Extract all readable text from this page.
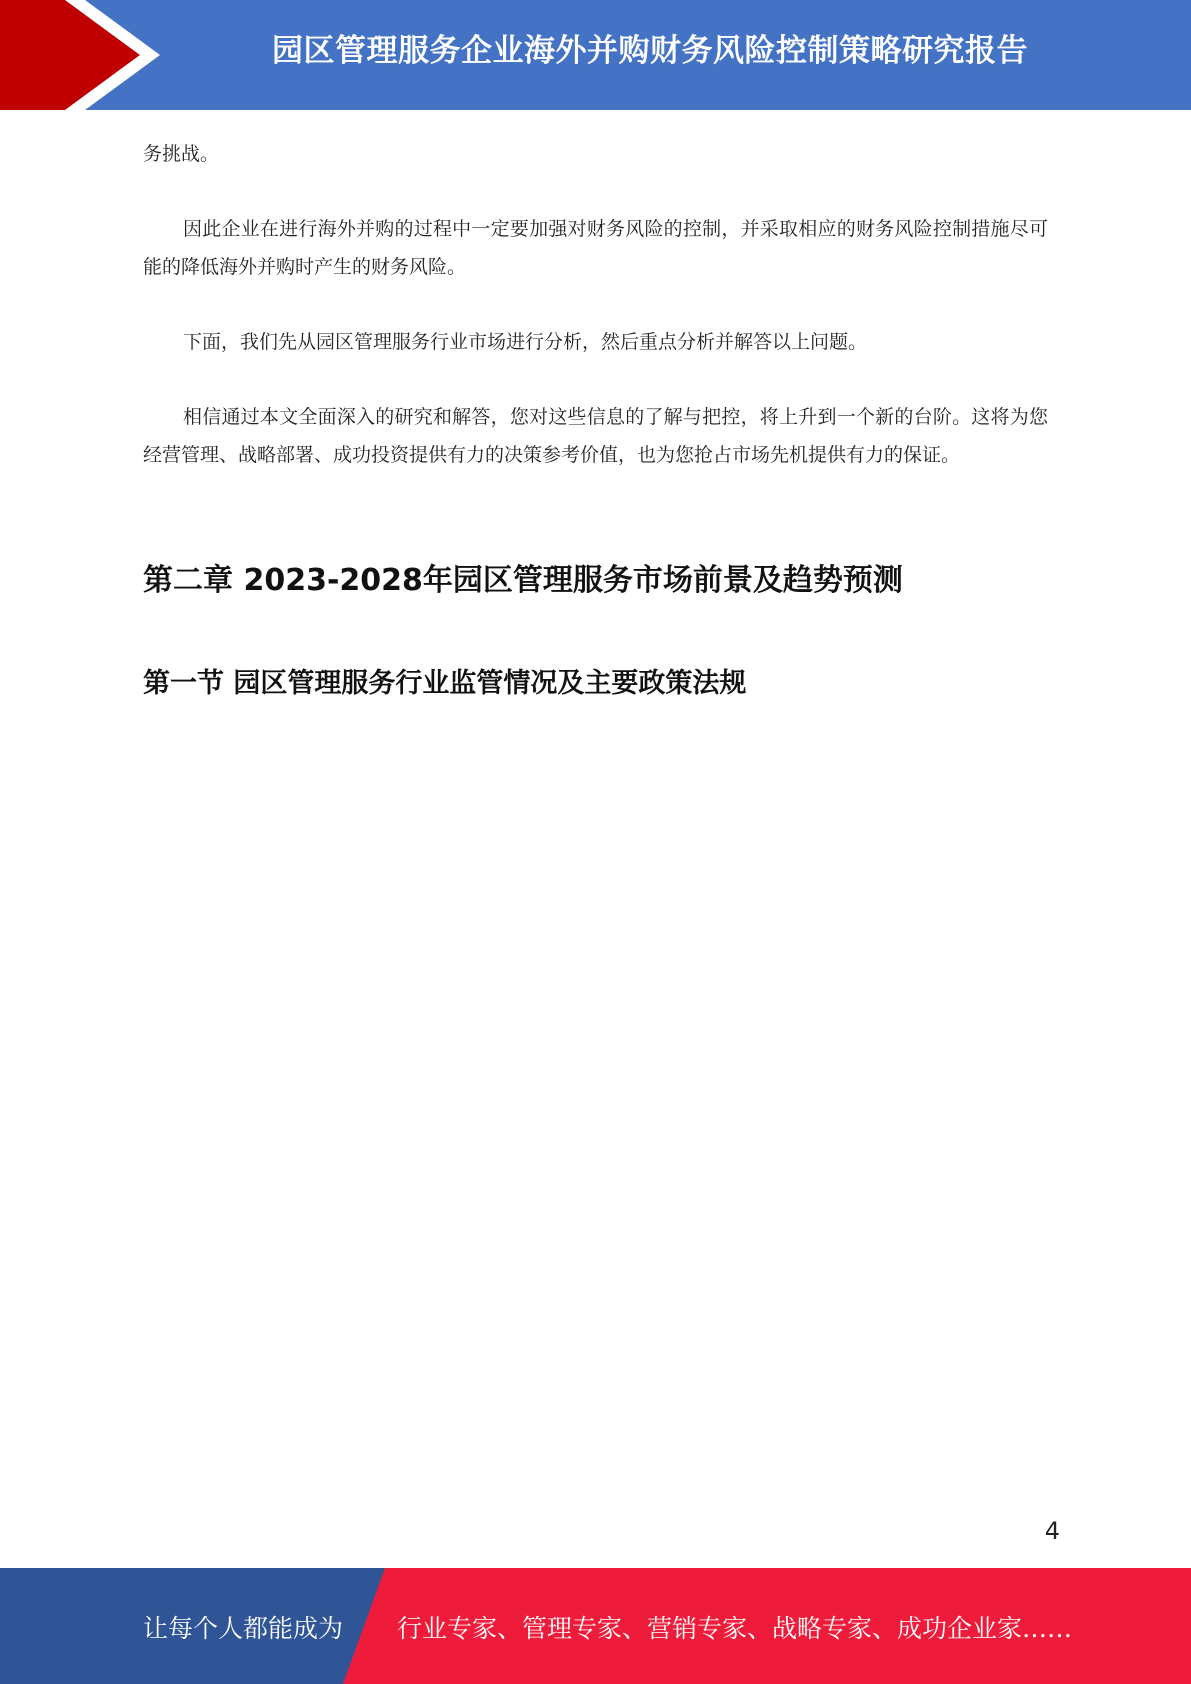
园区管理服务企业海外并购财务风险控制策略研究报告

务挑战。

因此企业在进行海外并购的过程中一定要加强对财务风险的控制，并采取相应的财务风险控制措施尽可能的降低海外并购时产生的财务风险。

下面，我们先从园区管理服务行业市场进行分析，然后重点分析并解答以上问题。

相信通过本文全面深入的研究和解答，您对这些信息的了解与把控，将上升到一个新的台阶。这将为您经营管理、战略部署、成功投资提供有力的决策参考价值，也为您抢占市场先机提供有力的保证。

第二章 2023-2028年园区管理服务市场前景及趋势预测
第一节 园区管理服务行业监管情况及主要政策法规
4
让每个人都能成为 行业专家、管理专家、营销专家、战略专家、成功企业家……
